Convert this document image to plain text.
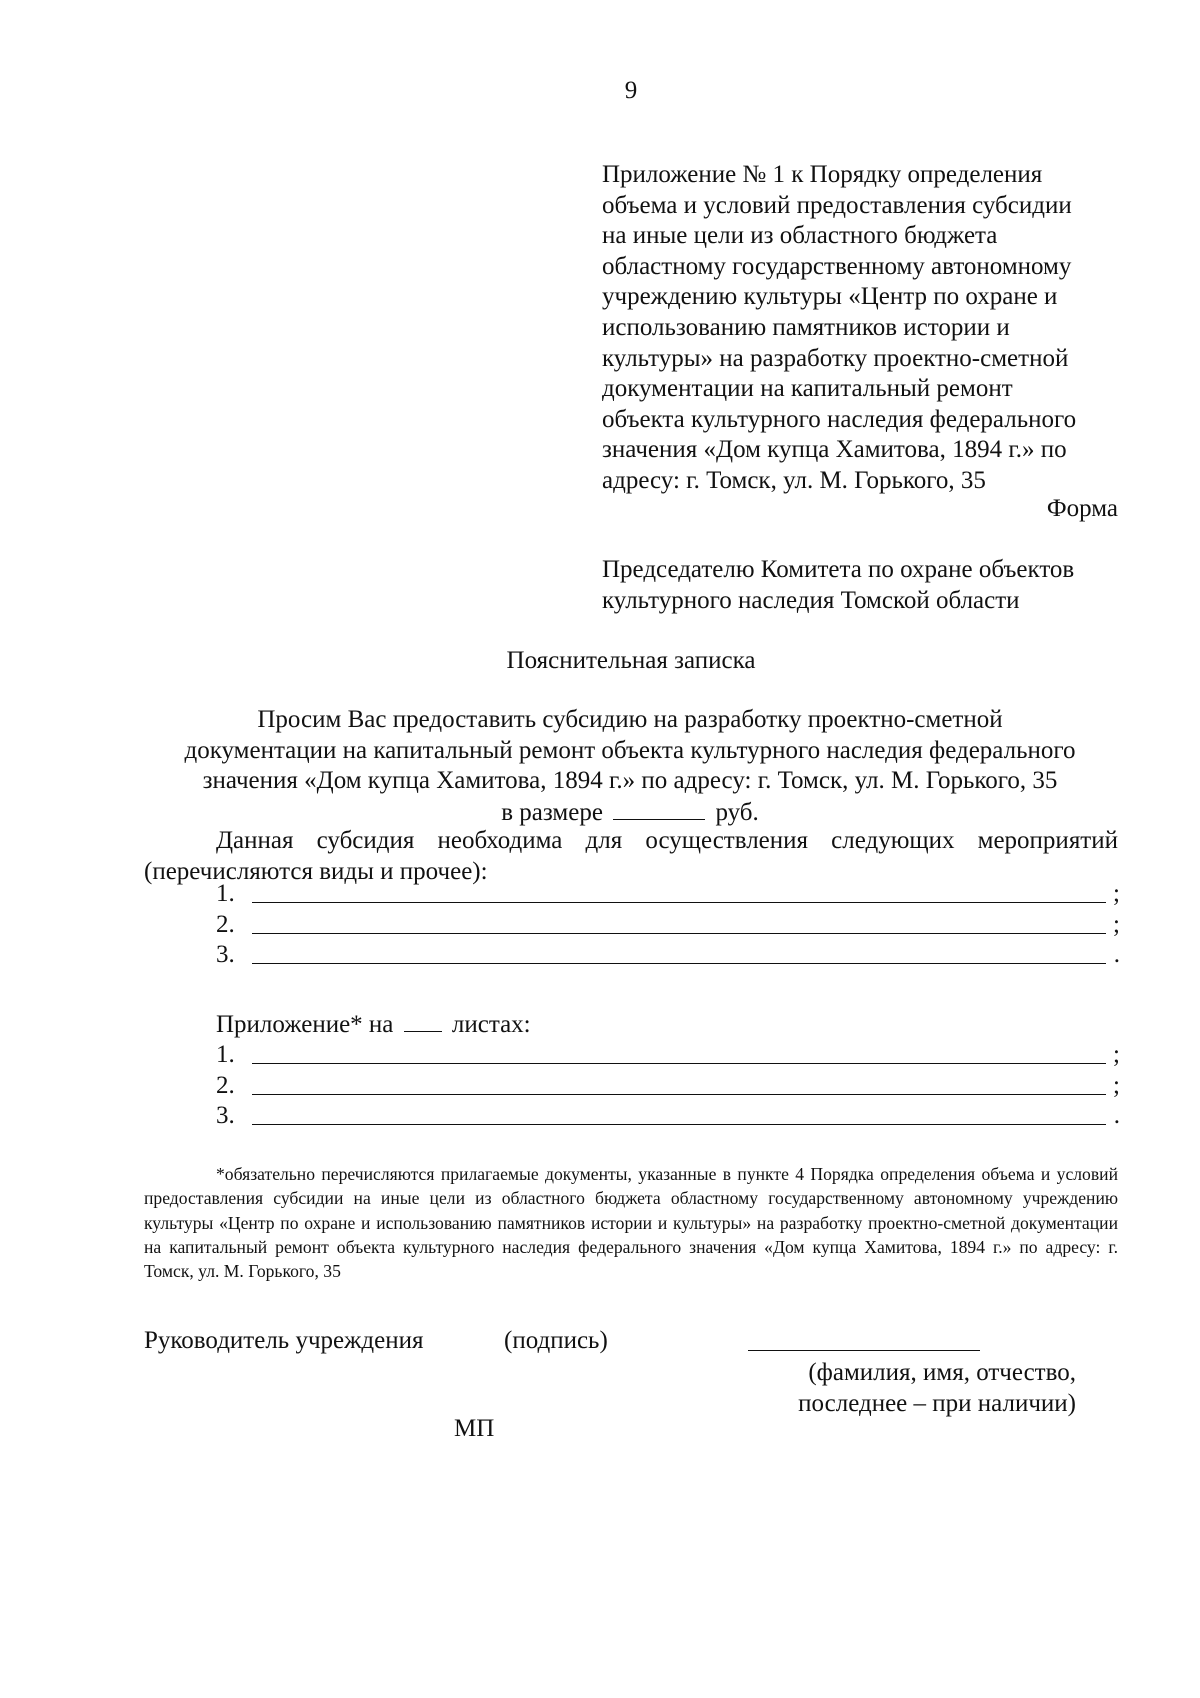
9
Приложение № 1 к Порядку определения
объема и условий предоставления субсидии
на иные цели из областного бюджета
областному государственному автономному
учреждению культуры «Центр по охране и
использованию памятников истории и
культуры» на разработку проектно-сметной
документации на капитальный ремонт
объекта культурного наследия федерального
значения «Дом купца Хамитова, 1894 г.» по
адресу: г. Томск, ул. М. Горького, 35
Форма
Председателю Комитета по охране объектов
культурного наследия Томской области
Пояснительная записка
Просим Вас предоставить субсидию на разработку проектно-сметной
документации на капитальный ремонт объекта культурного наследия федерального
значения «Дом купца Хамитова, 1894 г.» по адресу: г. Томск, ул. М. Горького, 35
в размере	руб.
Данная субсидия необходима для осуществления следующих мероприятий (перечисляются виды и прочее):
1.	;
2.	;
3.	.
Приложение* на листах:
1.	;
2.	;
3.	.
*обязательно перечисляются прилагаемые документы, указанные в пункте 4 Порядка определения объема и условий предоставления субсидии на иные цели из областного бюджета областному государственному автономному учреждению культуры «Центр по охране и использованию памятников истории и культуры» на разработку проектно-сметной документации на капитальный ремонт объекта культурного наследия федерального значения «Дом купца Хамитова, 1894 г.» по адресу: г. Томск, ул. М. Горького, 35
Руководитель учреждения	(подпись)
(фамилия, имя, отчество,
последнее – при наличии)
МП
